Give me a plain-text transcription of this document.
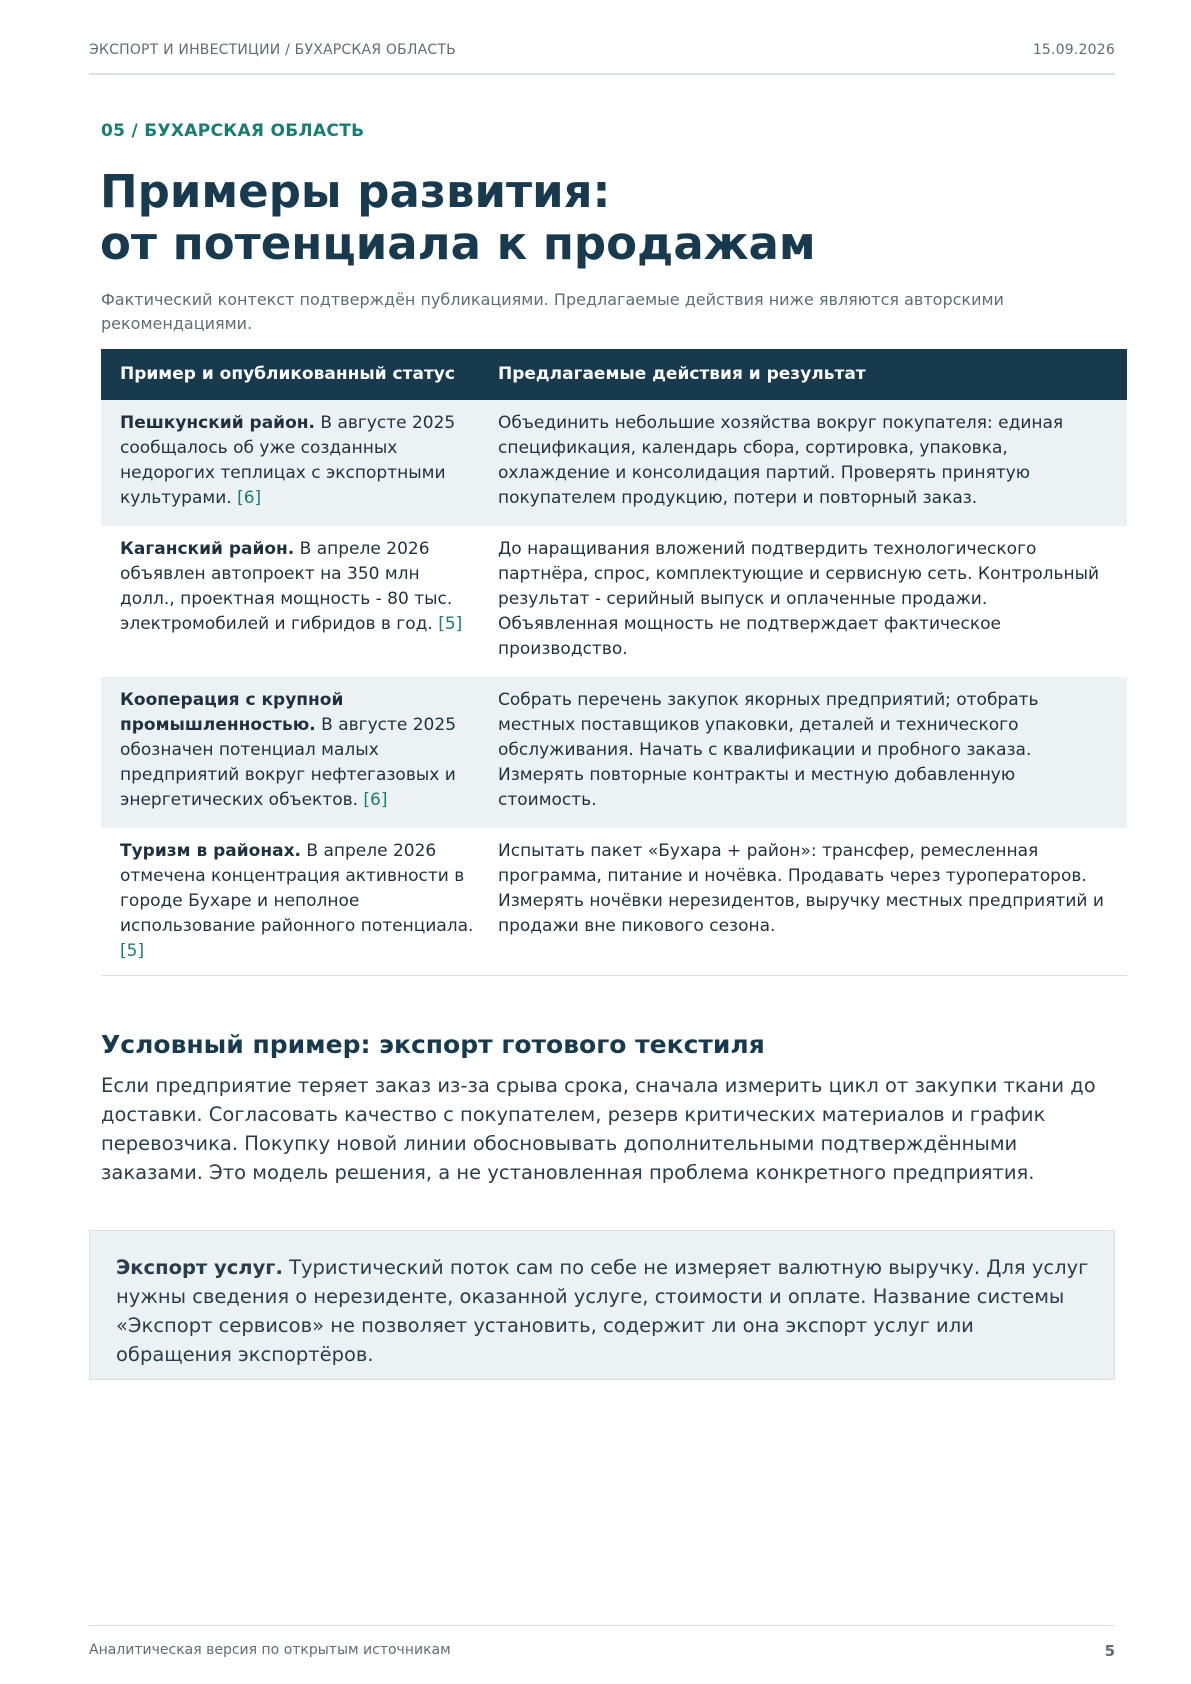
ЭКСПОРТ И ИНВЕСТИЦИИ / БУХАРСКАЯ ОБЛАСТЬ	15.09.2026
05 / БУХАРСКАЯ ОБЛАСТЬ
Примеры развития:
от потенциала к продажам
Фактический контекст подтверждён публикациями. Предлагаемые действия ниже являются авторскими рекомендациями.
Пример и опубликованный статус	Предлагаемые действия и результат
Пешкунский район. В августе 2025 сообщалось об уже созданных недорогих теплицах с экспортными культурами. [6]	Объединить небольшие хозяйства вокруг покупателя: единая спецификация, календарь сбора, сортировка, упаковка, охлаждение и консолидация партий. Проверять принятую покупателем продукцию, потери и повторный заказ.
Каганский район. В апреле 2026 объявлен автопроект на 350 млн долл., проектная мощность - 80 тыс. электромобилей и гибридов в год. [5]	До наращивания вложений подтвердить технологического партнёра, спрос, комплектующие и сервисную сеть. Контрольный результат - серийный выпуск и оплаченные продажи. Объявленная мощность не подтверждает фактическое производство.
Кооперация с крупной промышленностью. В августе 2025 обозначен потенциал малых предприятий вокруг нефтегазовых и энергетических объектов. [6]	Собрать перечень закупок якорных предприятий; отобрать местных поставщиков упаковки, деталей и технического обслуживания. Начать с квалификации и пробного заказа. Измерять повторные контракты и местную добавленную стоимость.
Туризм в районах. В апреле 2026 отмечена концентрация активности в городе Бухаре и неполное использование районного потенциала. [5]	Испытать пакет «Бухара + район»: трансфер, ремесленная программа, питание и ночёвка. Продавать через туроператоров. Измерять ночёвки нерезидентов, выручку местных предприятий и продажи вне пикового сезона.
Условный пример: экспорт готового текстиля
Если предприятие теряет заказ из-за срыва срока, сначала измерить цикл от закупки ткани до доставки. Согласовать качество с покупателем, резерв критических материалов и график перевозчика. Покупку новой линии обосновывать дополнительными подтверждёнными заказами. Это модель решения, а не установленная проблема конкретного предприятия.
Экспорт услуг. Туристический поток сам по себе не измеряет валютную выручку. Для услуг нужны сведения о нерезиденте, оказанной услуге, стоимости и оплате. Название системы «Экспорт сервисов» не позволяет установить, содержит ли она экспорт услуг или обращения экспортёров.
Аналитическая версия по открытым источникам	5
